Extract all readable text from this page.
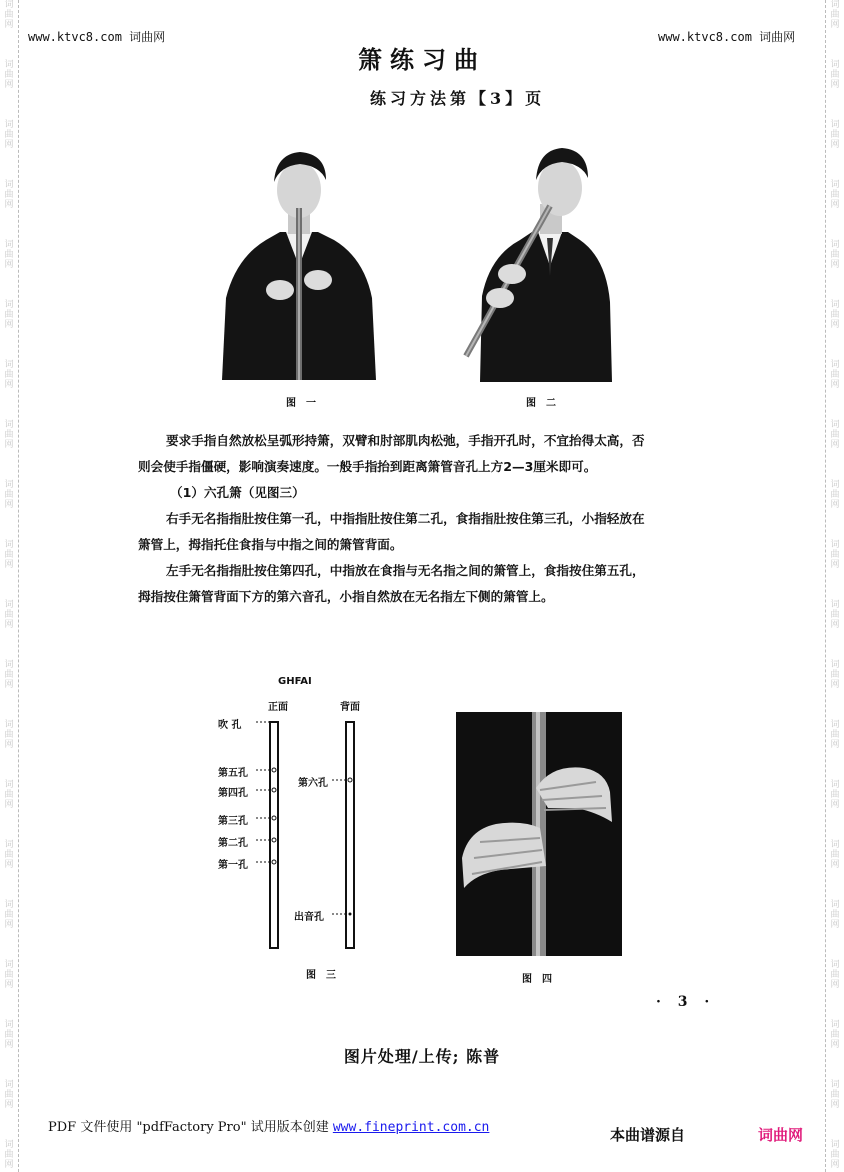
词
曲
网
词
曲
网
词
曲
网
词
曲
网
词
曲
网
词
曲
网
词
曲
网
词
曲
网
词
曲
网
词
曲
网
词
曲
网
词
曲
网
词
曲
网
词
曲
网
词
曲
网
词
曲
网
词
曲
网
词
曲
网
词
曲
网
词
曲
网
词
曲
网
词
曲
网
词
曲
网
词
曲
网
词
曲
网
词
曲
网
词
曲
网
词
曲
网
词
曲
网
词
曲
网
词
曲
网
词
曲
网
词
曲
网
词
曲
网
词
曲
网
词
曲
网
词
曲
网
词
曲
网
词
曲
网
词
曲
网
www.ktvc8.com 词曲网	www.ktvc8.com 词曲网
箫练习曲
练习方法第【3】页
图一	图二
要求手指自然放松呈弧形持箫，双臂和肘部肌肉松弛，手指开孔时，不宜抬得太高，否
则会使手指僵硬，影响演奏速度。一般手指抬到距离箫管音孔上方2—3厘米即可。
（1）六孔箫（见图三）
右手无名指指肚按住第一孔，中指指肚按住第二孔，食指指肚按住第三孔，小指轻放在
箫管上，拇指托住食指与中指之间的箫管背面。
左手无名指指肚按住第四孔，中指放在食指与无名指之间的箫管上，食指按住第五孔，
拇指按住箫管背面下方的第六音孔，小指自然放在无名指左下侧的箫管上。
GHFAI
正面	背面
吹 孔
第五孔
第四孔
第三孔
第二孔
第一孔
第六孔
出音孔
图三	图四
· 3 ·
图片处理/上传; 陈普
PDF 文件使用 "pdfFactory Pro" 试用版本创建 www.fineprint.com.cn	本曲谱源自	词曲网
